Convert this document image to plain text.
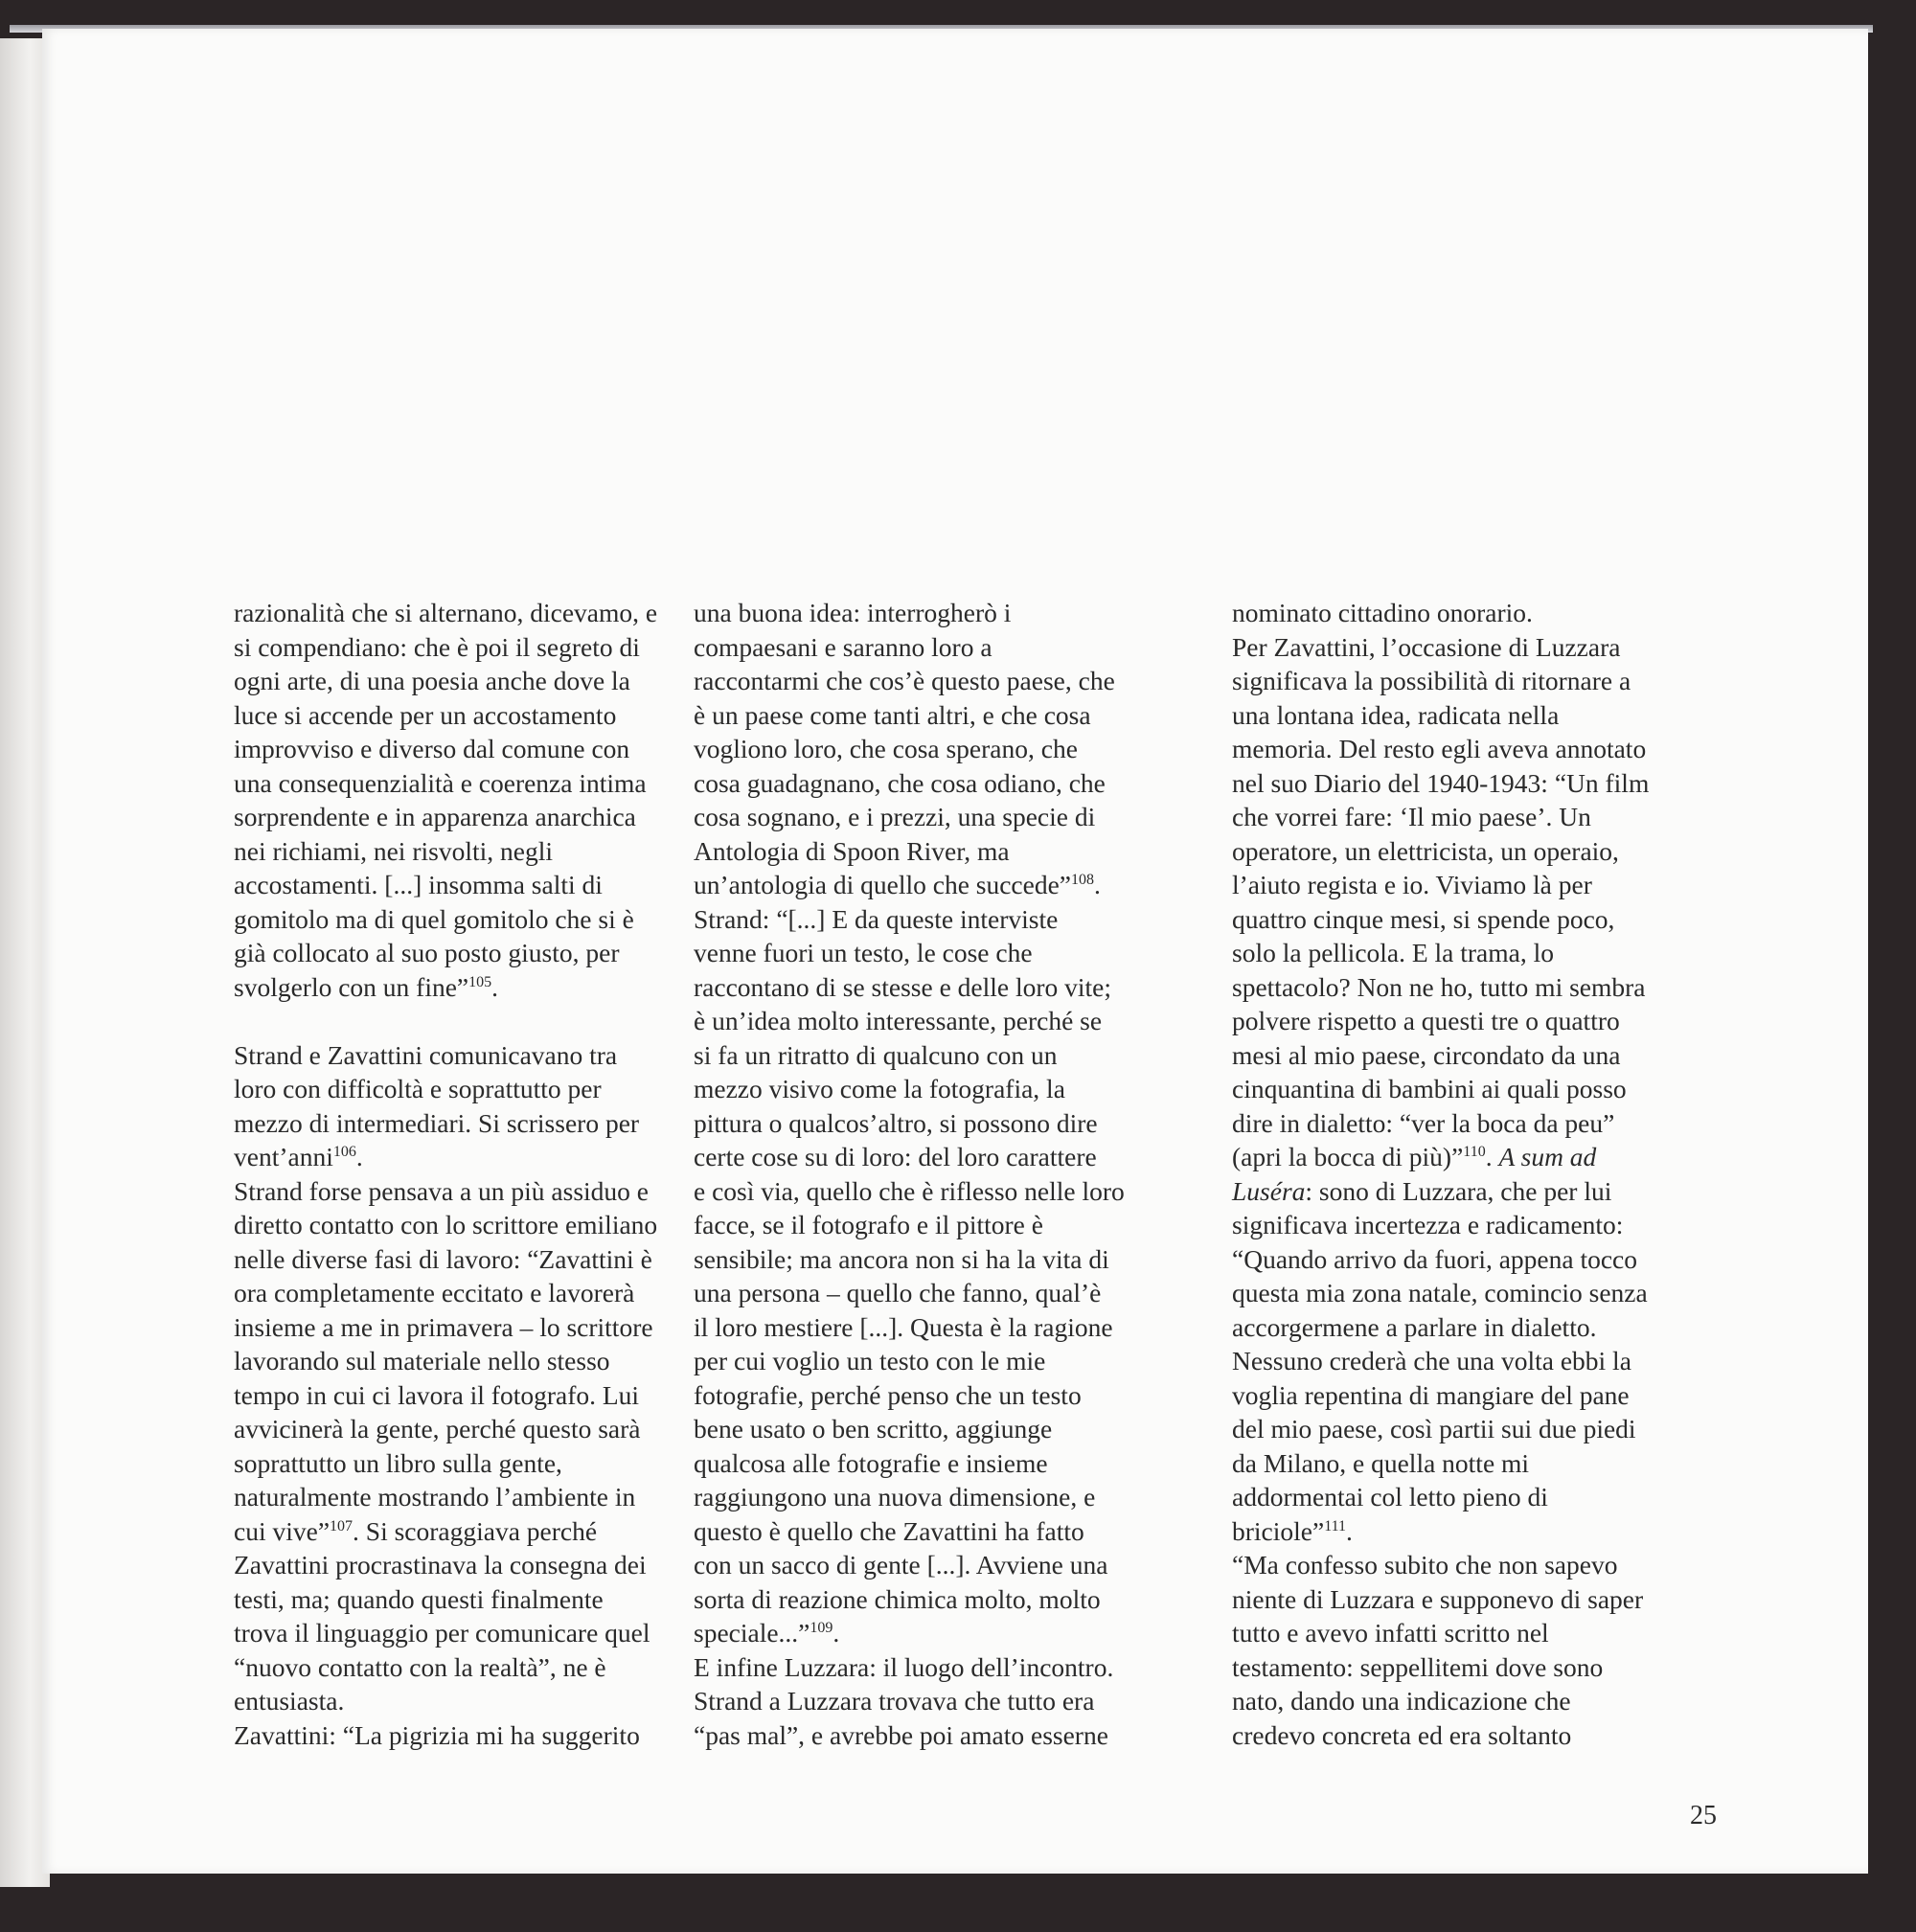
razionalità che si alternano, dicevamo, e
si compendiano: che è poi il segreto di
ogni arte, di una poesia anche dove la
luce si accende per un accostamento
improvviso e diverso dal comune con
una consequenzialità e coerenza intima
sorprendente e in apparenza anarchica
nei richiami, nei risvolti, negli
accostamenti. [...] insomma salti di
gomitolo ma di quel gomitolo che si è
già collocato al suo posto giusto, per
svolgerlo con un fine”$^{105}$.
Strand e Zavattini comunicavano tra
loro con difficoltà e soprattutto per
mezzo di intermediari. Si scrissero per
vent’anni$^{106}$.
Strand forse pensava a un più assiduo e
diretto contatto con lo scrittore emiliano
nelle diverse fasi di lavoro: “Zavattini è
ora completamente eccitato e lavorerà
insieme a me in primavera – lo scrittore
lavorando sul materiale nello stesso
tempo in cui ci lavora il fotografo. Lui
avvicinerà la gente, perché questo sarà
soprattutto un libro sulla gente,
naturalmente mostrando l’ambiente in
cui vive”$^{107}$. Si scoraggiava perché
Zavattini procrastinava la consegna dei
testi, ma; quando questi finalmente
trova il linguaggio per comunicare quel
“nuovo contatto con la realtà”, ne è
entusiasta.
Zavattini: “La pigrizia mi ha suggerito
una buona idea: interrogherò i
compaesani e saranno loro a
raccontarmi che cos’è questo paese, che
è un paese come tanti altri, e che cosa
vogliono loro, che cosa sperano, che
cosa guadagnano, che cosa odiano, che
cosa sognano, e i prezzi, una specie di
Antologia di Spoon River, ma
un’antologia di quello che succede”$^{108}$.
Strand: “[...] E da queste interviste
venne fuori un testo, le cose che
raccontano di se stesse e delle loro vite;
è un’idea molto interessante, perché se
si fa un ritratto di qualcuno con un
mezzo visivo come la fotografia, la
pittura o qualcos’altro, si possono dire
certe cose su di loro: del loro carattere
e così via, quello che è riflesso nelle loro
facce, se il fotografo e il pittore è
sensibile; ma ancora non si ha la vita di
una persona – quello che fanno, qual’è
il loro mestiere [...]. Questa è la ragione
per cui voglio un testo con le mie
fotografie, perché penso che un testo
bene usato o ben scritto, aggiunge
qualcosa alle fotografie e insieme
raggiungono una nuova dimensione, e
questo è quello che Zavattini ha fatto
con un sacco di gente [...]. Avviene una
sorta di reazione chimica molto, molto
speciale...”$^{109}$.
E infine Luzzara: il luogo dell’incontro.
Strand a Luzzara trovava che tutto era
“pas mal”, e avrebbe poi amato esserne
nominato cittadino onorario.
Per Zavattini, l’occasione di Luzzara
significava la possibilità di ritornare a
una lontana idea, radicata nella
memoria. Del resto egli aveva annotato
nel suo Diario del 1940-1943: “Un film
che vorrei fare: ‘Il mio paese’. Un
operatore, un elettricista, un operaio,
l’aiuto regista e io. Viviamo là per
quattro cinque mesi, si spende poco,
solo la pellicola. E la trama, lo
spettacolo? Non ne ho, tutto mi sembra
polvere rispetto a questi tre o quattro
mesi al mio paese, circondato da una
cinquantina di bambini ai quali posso
dire in dialetto: “ver la boca da peu”
(apri la bocca di più)”$^{110}$. A sum ad
Luséra: sono di Luzzara, che per lui
significava incertezza e radicamento:
“Quando arrivo da fuori, appena tocco
questa mia zona natale, comincio senza
accorgermene a parlare in dialetto.
Nessuno crederà che una volta ebbi la
voglia repentina di mangiare del pane
del mio paese, così partii sui due piedi
da Milano, e quella notte mi
addormentai col letto pieno di
briciole”$^{111}$.
“Ma confesso subito che non sapevo
niente di Luzzara e supponevo di saper
tutto e avevo infatti scritto nel
testamento: seppellitemi dove sono
nato, dando una indicazione che
credevo concreta ed era soltanto
25
